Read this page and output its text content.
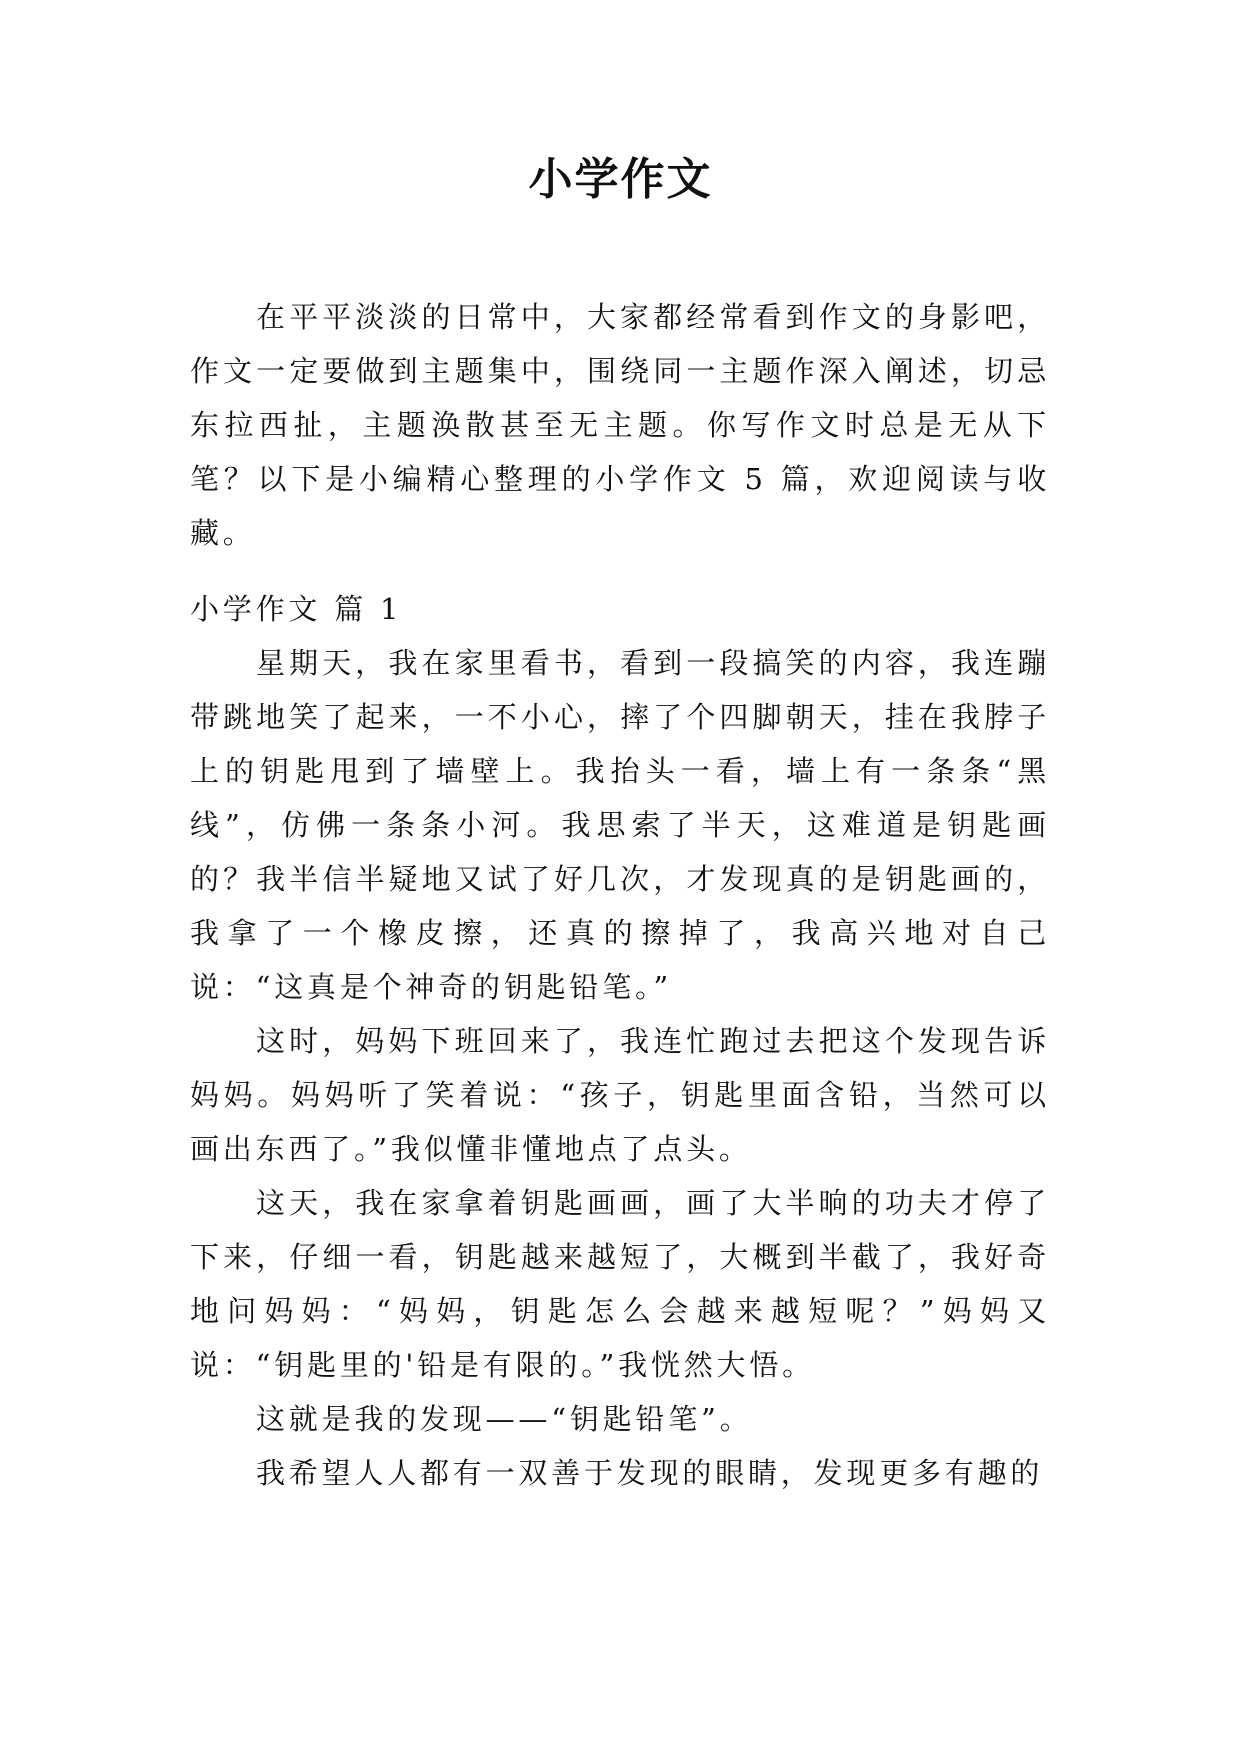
小学作文

在平平淡淡的日常中，大家都经常看到作文的身影吧，作文一定要做到主题集中，围绕同一主题作深入阐述，切忌东拉西扯，主题涣散甚至无主题。你写作文时总是无从下笔？以下是小编精心整理的小学作文 5 篇，欢迎阅读与收藏。

小学作文 篇 1

星期天，我在家里看书，看到一段搞笑的内容，我连蹦带跳地笑了起来，一不小心，摔了个四脚朝天，挂在我脖子上的钥匙甩到了墙壁上。我抬头一看，墙上有一条条“黑线”，仿佛一条条小河。我思索了半天，这难道是钥匙画的？我半信半疑地又试了好几次，才发现真的是钥匙画的，我拿了一个橡皮擦，还真的擦掉了，我高兴地对自己说：“这真是个神奇的钥匙铅笔。”

这时，妈妈下班回来了，我连忙跑过去把这个发现告诉妈妈。妈妈听了笑着说：“孩子，钥匙里面含铅，当然可以画出东西了。”我似懂非懂地点了点头。

这天，我在家拿着钥匙画画，画了大半晌的功夫才停了下来，仔细一看，钥匙越来越短了，大概到半截了，我好奇地问妈妈：“妈妈，钥匙怎么会越来越短呢？”妈妈又说：“钥匙里的'铅是有限的。”我恍然大悟。

这就是我的发现——“钥匙铅笔”。

我希望人人都有一双善于发现的眼睛，发现更多有趣的
